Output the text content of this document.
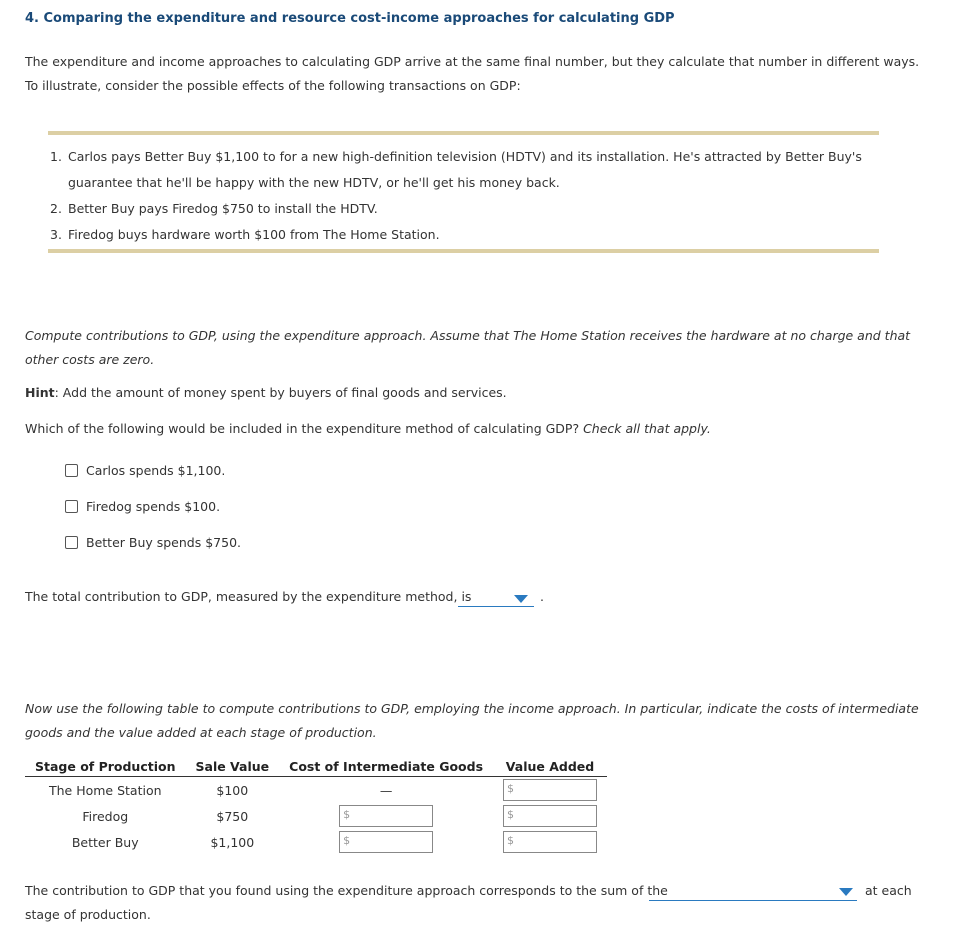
4. Comparing the expenditure and resource cost-income approaches for calculating GDP
The expenditure and income approaches to calculating GDP arrive at the same final number, but they calculate that number in different ways. To illustrate, consider the possible effects of the following transactions on GDP:
1. Carlos pays Better Buy $1,100 to for a new high-definition television (HDTV) and its installation. He's attracted by Better Buy's guarantee that he'll be happy with the new HDTV, or he'll get his money back.
2. Better Buy pays Firedog $750 to install the HDTV.
3. Firedog buys hardware worth $100 from The Home Station.
Compute contributions to GDP, using the expenditure approach. Assume that The Home Station receives the hardware at no charge and that other costs are zero.
Hint: Add the amount of money spent by buyers of final goods and services.
Which of the following would be included in the expenditure method of calculating GDP? Check all that apply.
Carlos spends $1,100.
Firedog spends $100.
Better Buy spends $750.
The total contribution to GDP, measured by the expenditure method, is	.
Now use the following table to compute contributions to GDP, employing the income approach. In particular, indicate the costs of intermediate goods and the value added at each stage of production.
Stage of Production	Sale Value	Cost of Intermediate Goods	Value Added
The Home Station	$100	—	$

Firedog	$750	$	$

Better Buy	$1,100	$	$
The contribution to GDP that you found using the expenditure approach corresponds to the sum of the	at each
stage of production.
